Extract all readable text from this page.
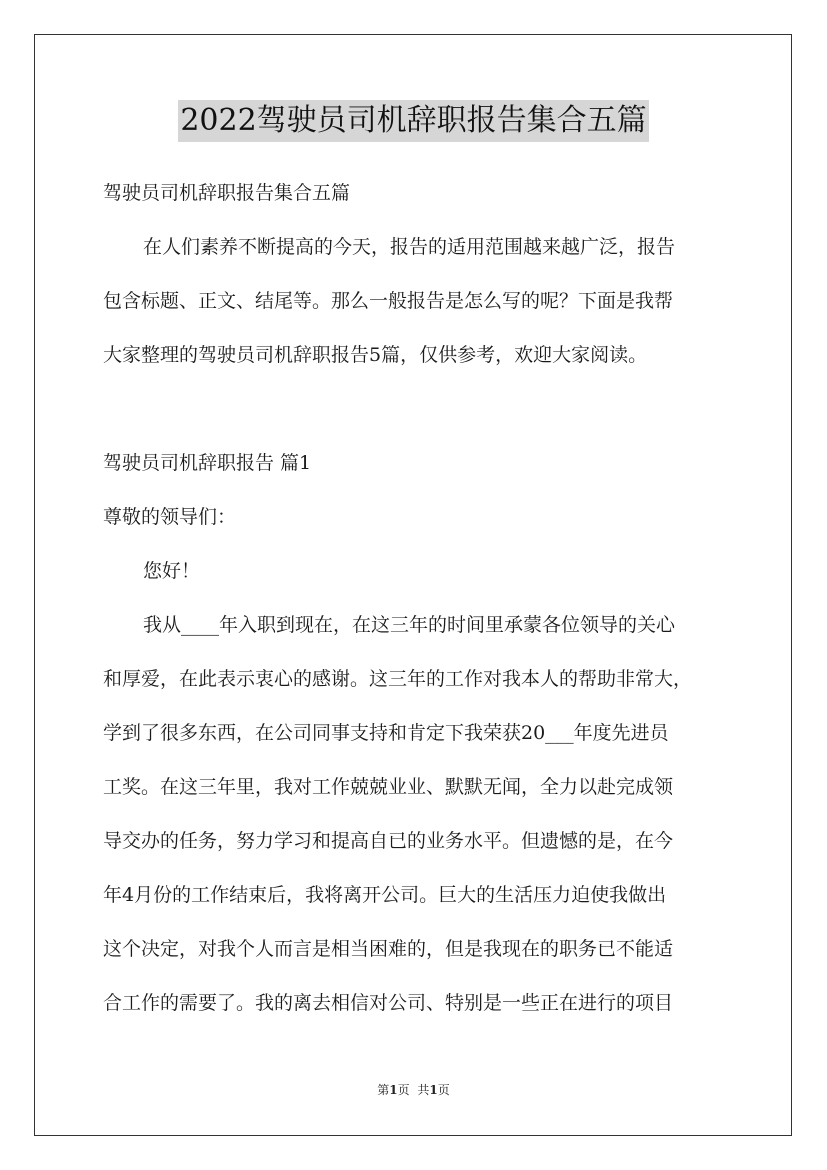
2022驾驶员司机辞职报告集合五篇

驾驶员司机辞职报告集合五篇

在人们素养不断提高的今天，报告的适用范围越来越广泛，报告

包含标题、正文、结尾等。那么一般报告是怎么写的呢？下面是我帮

大家整理的驾驶员司机辞职报告5篇，仅供参考，欢迎大家阅读。

驾驶员司机辞职报告 篇1

尊敬的领导们：

您好！

我从____年入职到现在，在这三年的时间里承蒙各位领导的关心

和厚爱，在此表示衷心的感谢。这三年的工作对我本人的帮助非常大，

学到了很多东西，在公司同事支持和肯定下我荣获20___年度先进员

工奖。在这三年里，我对工作兢兢业业、默默无闻，全力以赴完成领

导交办的任务，努力学习和提高自已的业务水平。但遗憾的是，在今

年4月份的工作结束后，我将离开公司。巨大的生活压力迫使我做出

这个决定，对我个人而言是相当困难的，但是我现在的职务已不能适

合工作的需要了。我的离去相信对公司、特别是一些正在进行的项目

第1页 共1页
